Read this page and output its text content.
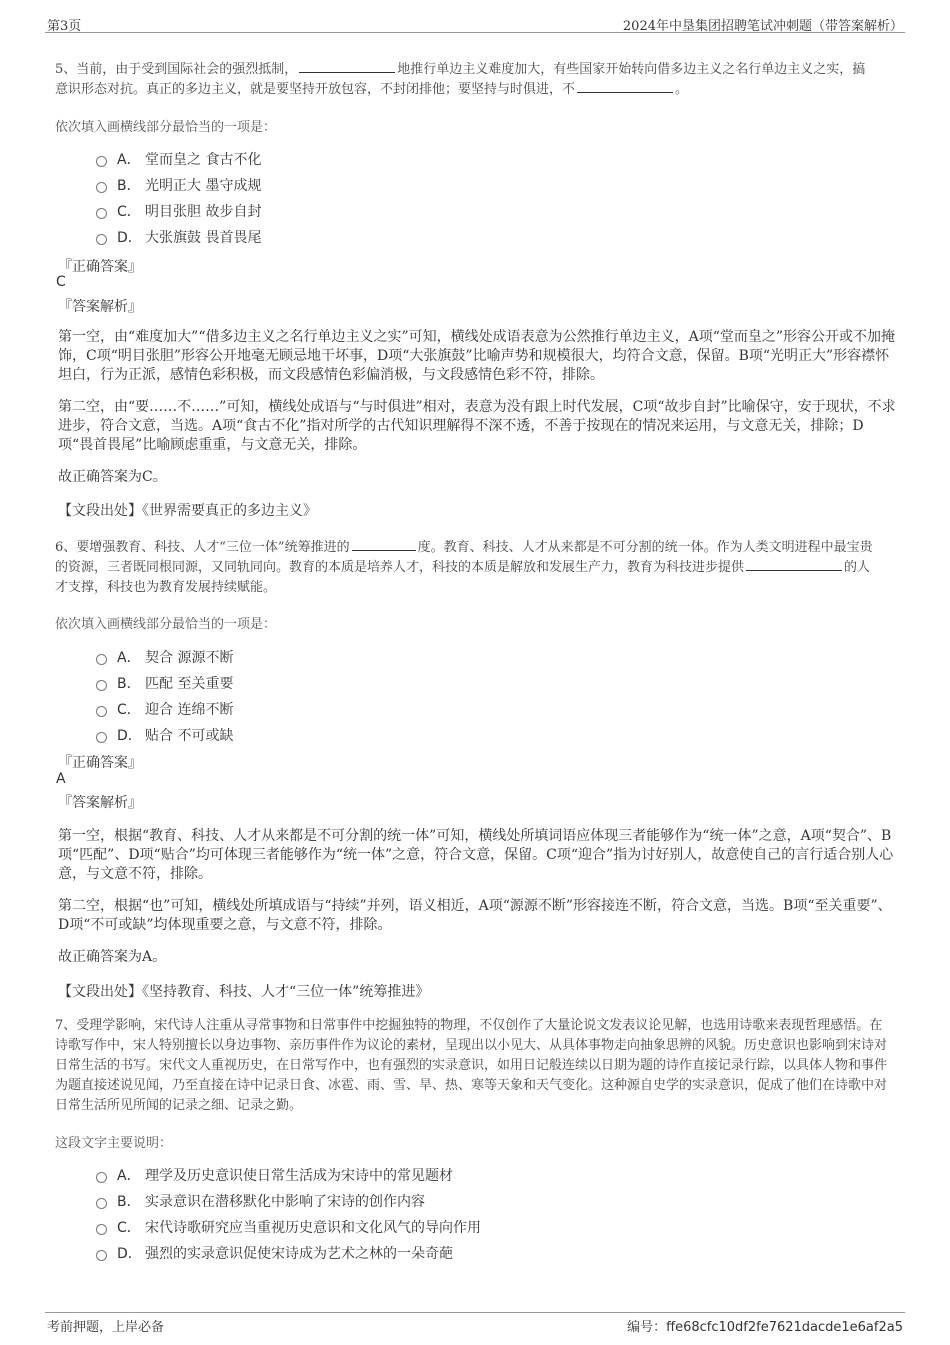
第3页	2024年中垦集团招聘笔试冲刺题（带答案解析）
5、当前，由于受到国际社会的强烈抵制，	地推行单边主义难度加大，有些国家开始转向借多边主义之名行单边主义之实，搞
意识形态对抗。真正的多边主义，就是要坚持开放包容，不封闭排他；要坚持与时俱进，不	。
依次填入画横线部分最恰当的一项是：
A． 堂而皇之 食古不化
B． 光明正大 墨守成规
C． 明目张胆 故步自封
D． 大张旗鼓 畏首畏尾
『正确答案』
C
『答案解析』
第一空，由“难度加大”“借多边主义之名行单边主义之实”可知，横线处成语表意为公然推行单边主义，A项“堂而皇之”形容公开或不加掩饰，C项“明目张胆”形容公开地毫无顾忌地干坏事，D项“大张旗鼓”比喻声势和规模很大，均符合文意，保留。B项“光明正大”形容襟怀坦白，行为正派，感情色彩积极，而文段感情色彩偏消极，与文段感情色彩不符，排除。
第二空，由“要……不……”可知，横线处成语与“与时俱进”相对，表意为没有跟上时代发展，C项“故步自封”比喻保守，安于现状，不求进步，符合文意，当选。A项“食古不化”指对所学的古代知识理解得不深不透，不善于按现在的情况来运用，与文意无关，排除；D项“畏首畏尾”比喻顾虑重重，与文意无关，排除。
故正确答案为C。
【文段出处】《世界需要真正的多边主义》
6、要增强教育、科技、人才“三位一体”统筹推进的	度。教育、科技、人才从来都是不可分割的统一体。作为人类文明进程中最宝贵
的资源，三者既同根同源，又同轨同向。教育的本质是培养人才，科技的本质是解放和发展生产力，教育为科技进步提供	的人
才支撑，科技也为教育发展持续赋能。
依次填入画横线部分最恰当的一项是：
A． 契合 源源不断
B． 匹配 至关重要
C． 迎合 连绵不断
D． 贴合 不可或缺
『正确答案』
A
『答案解析』
第一空，根据“教育、科技、人才从来都是不可分割的统一体”可知，横线处所填词语应体现三者能够作为“统一体”之意，A项“契合”、B项“匹配”、D项“贴合”均可体现三者能够作为“统一体”之意，符合文意，保留。C项“迎合”指为讨好别人，故意使自己的言行适合别人心意，与文意不符，排除。
第二空，根据“也”可知，横线处所填成语与“持续”并列，语义相近，A项“源源不断”形容接连不断，符合文意，当选。B项“至关重要”、D项“不可或缺”均体现重要之意，与文意不符，排除。
故正确答案为A。
【文段出处】《坚持教育、科技、人才“三位一体”统筹推进》
7、受理学影响，宋代诗人注重从寻常事物和日常事件中挖掘独特的物理，不仅创作了大量论说文发表议论见解，也选用诗歌来表现哲理感悟。在诗歌写作中，宋人特别擅长以身边事物、亲历事件作为议论的素材，呈现出以小见大、从具体事物走向抽象思辨的风貌。历史意识也影响到宋诗对日常生活的书写。宋代文人重视历史，在日常写作中，也有强烈的实录意识，如用日记般连续以日期为题的诗作直接记录行踪，以具体人物和事件为题直接述说见闻，乃至直接在诗中记录日食、冰雹、雨、雪、旱、热、寒等天象和天气变化。这种源自史学的实录意识，促成了他们在诗歌中对日常生活所见所闻的记录之细、记录之勤。
这段文字主要说明：
A． 理学及历史意识使日常生活成为宋诗中的常见题材
B． 实录意识在潜移默化中影响了宋诗的创作内容
C． 宋代诗歌研究应当重视历史意识和文化风气的导向作用
D． 强烈的实录意识促使宋诗成为艺术之林的一朵奇葩
考前押题，上岸必备	编号：ffe68cfc10df2fe7621dacde1e6af2a5
